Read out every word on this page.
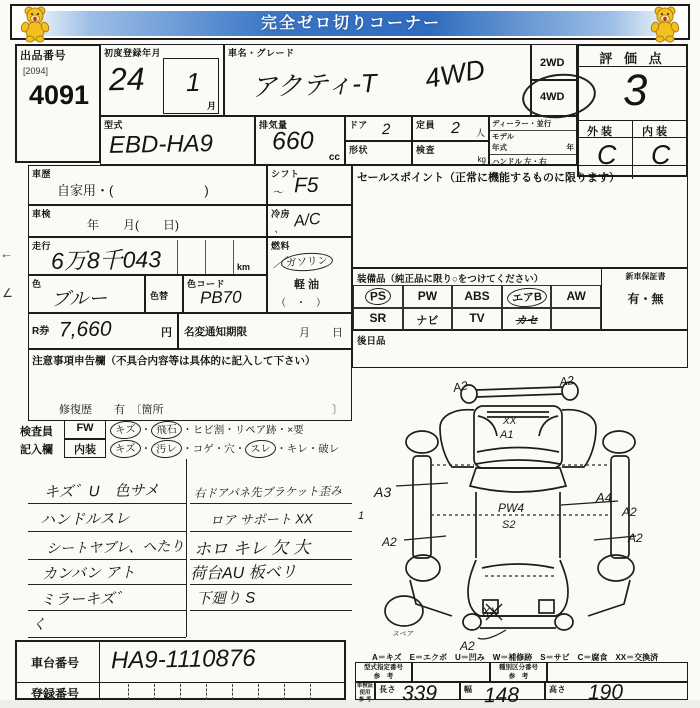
完全ゼロ切りコーナー
出品番号
[2094]
4091
初度登録年月
24 1
月
車名・グレード
アクティ-T 4WD	2WD
4WD
評 価 点
3
外 装	内 装
C C
型式
EBD-HA9
排気量
660
cc
ドア 2
形状
定員 2 人
検査
kg
ディーラー・並行
モデル
年式	年
ハンドル 左・右
車歴
自家用・(　　　　　　　)
シフト
〜 F5
車検
年　　月(　　日)
冷房
、 A/C
走行
6万8千043	km
燃料
／ ガソリン
軽 油
（　・　）
色
ブルー	色替
色コード
PB70
R券 7,660	円 名変通知期限	月　　日
注意事項申告欄（不具合内容等は具体的に記入して下さい）
修復歴　　有　〔箇所	〕
検査員
記入欄
FW	キズ ・ 飛石 ・ヒビ割・リペア跡・×要
内装	キズ ・ 汚レ ・コゲ・穴・ スレ ・キレ・破レ
キズ゛U　色サメ
ハンドルスレ
シートヤブレ、ヘたり
カンバン アト
ミラーキズ゛
く
右ドアパネ先ブラケット歪み
ロア サポート XX
ホロ キレ 欠 大
荷台AU 板ベリ
下廻り S
セールスポイント（正常に機能するものに限ります）
装備品（純正品に限り○をつけてください）	新車保証書
有・無
PS	PW	ABS	エアB	AW
SR	ナビ	TV	カセ
後日品
A2	A2
XX
A1
A3
1
A2
A4
A2
A2
PW4
S2
XX
A2
スペア
A＝キズ　E＝エクボ　U＝凹み　W＝補修跡　S＝サビ　C＝腐食　XX＝交換済
車台番号 HA9-1110876
登録番号
型式指定番号
参　考
種別区分番号
参　考
車検証使用
参 考
長さ	幅	高さ
339 148	190
←
∠
